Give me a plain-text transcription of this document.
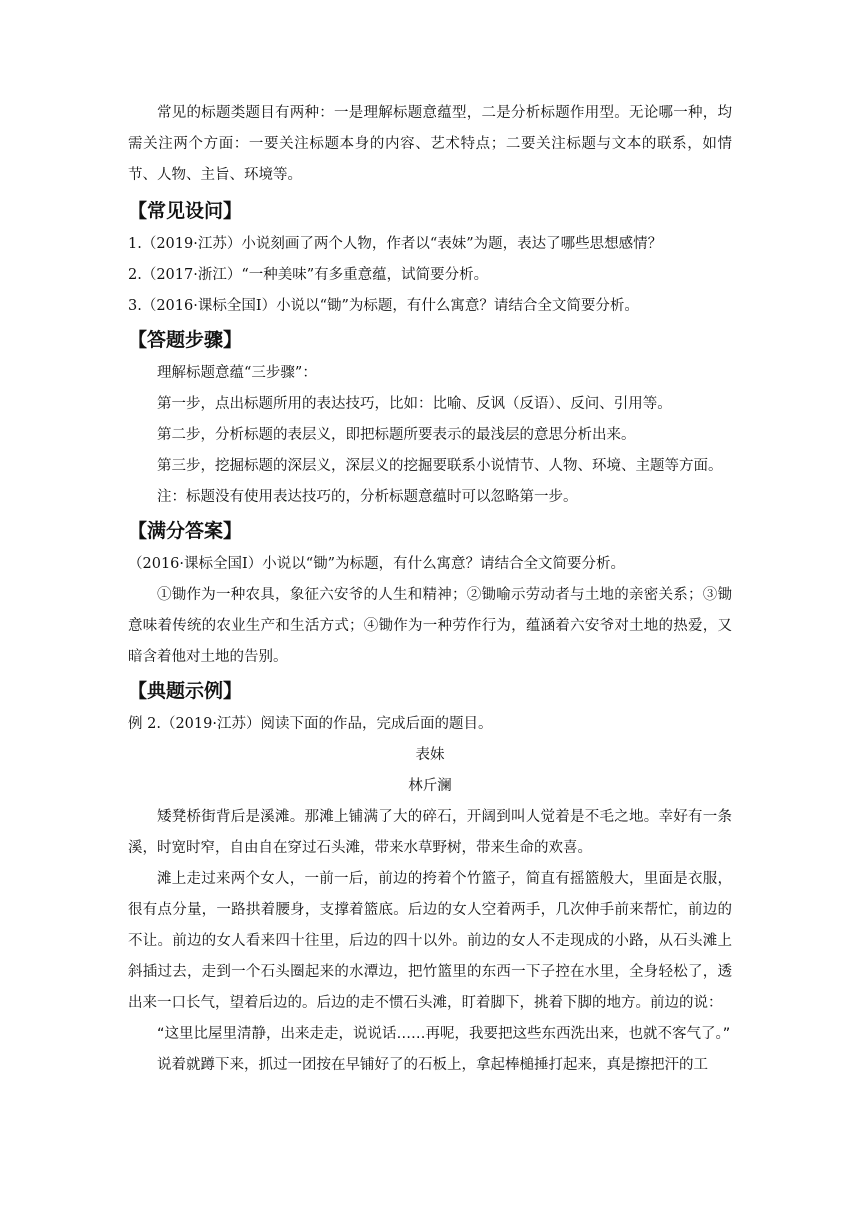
常见的标题类题目有两种：一是理解标题意蕴型，二是分析标题作用型。无论哪一种，均需关注两个方面：一要关注标题本身的内容、艺术特点；二要关注标题与文本的联系，如情节、人物、主旨、环境等。

【常见设问】

1.（2019·江苏）小说刻画了两个人物，作者以“表妹”为题，表达了哪些思想感情？

2.（2017·浙江）“一种美味”有多重意蕴，试简要分析。

3.（2016·课标全国Ⅰ）小说以“锄”为标题，有什么寓意？请结合全文简要分析。

【答题步骤】

理解标题意蕴“三步骤”：

第一步，点出标题所用的表达技巧，比如：比喻、反讽（反语）、反问、引用等。

第二步，分析标题的表层义，即把标题所要表示的最浅层的意思分析出来。

第三步，挖掘标题的深层义，深层义的挖掘要联系小说情节、人物、环境、主题等方面。

注：标题没有使用表达技巧的，分析标题意蕴时可以忽略第一步。

【满分答案】

（2016·课标全国Ⅰ）小说以“锄”为标题，有什么寓意？请结合全文简要分析。

①锄作为一种农具，象征六安爷的人生和精神；②锄喻示劳动者与土地的亲密关系；③锄意味着传统的农业生产和生活方式；④锄作为一种劳作行为，蕴涵着六安爷对土地的热爱，又暗含着他对土地的告别。

【典题示例】

例 2.（2019·江苏）阅读下面的作品，完成后面的题目。

表妹

林斤澜

矮凳桥街背后是溪滩。那滩上铺满了大的碎石，开阔到叫人觉着是不毛之地。幸好有一条溪，时宽时窄，自由自在穿过石头滩，带来水草野树，带来生命的欢喜。

滩上走过来两个女人，一前一后，前边的挎着个竹篮子，简直有摇篮般大，里面是衣服，很有点分量，一路拱着腰身，支撑着篮底。后边的女人空着两手，几次伸手前来帮忙，前边的不让。前边的女人看来四十往里，后边的四十以外。前边的女人不走现成的小路，从石头滩上斜插过去，走到一个石头圈起来的水潭边，把竹篮里的东西一下子控在水里，全身轻松了，透出来一口长气，望着后边的。后边的走不惯石头滩，盯着脚下，挑着下脚的地方。前边的说：

“这里比屋里清静，出来走走，说说话……再呢，我要把这些东西洗出来，也就不客气了。”

说着就蹲下来，抓过一团按在早铺好了的石板上，拿起棒槌捶打起来，真是擦把汗的工
